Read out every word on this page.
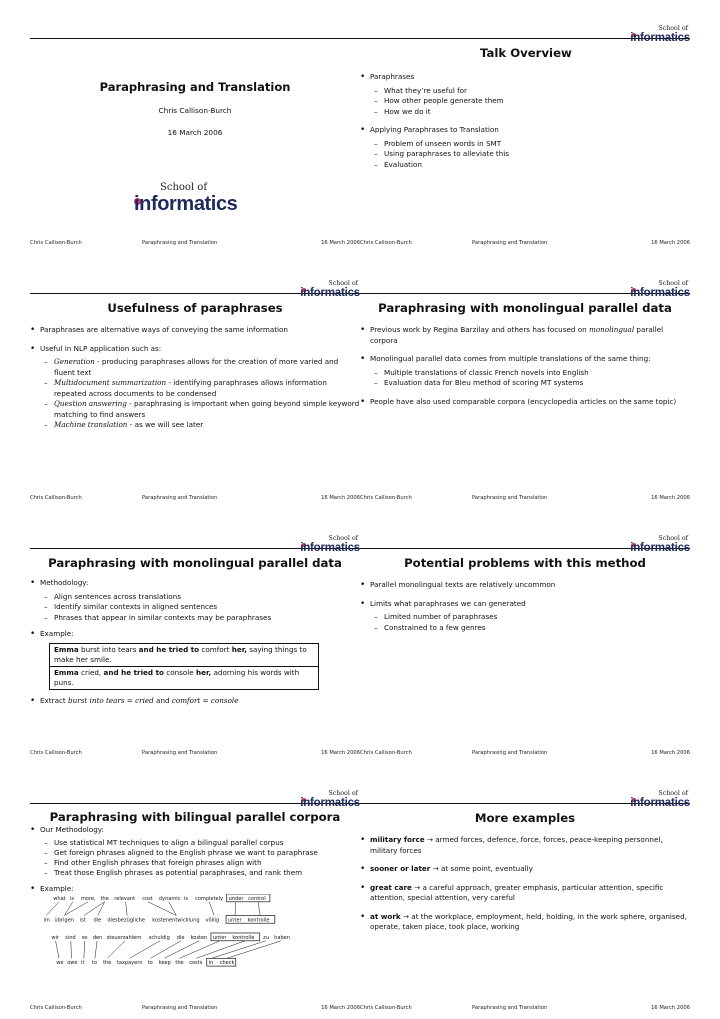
Paraphrasing and Translation
Chris Callison-Burch
16 March 2006
School of
informatics
Chris Callison-Burch	Paraphrasing and Translation	16 March 2006
School of
informatics
Talk Overview
• Paraphrases
– What they’re useful for
– How other people generate them
– How we do it
• Applying Paraphrases to Translation
– Problem of unseen words in SMT
– Using paraphrases to alleviate this
– Evaluation
Chris Callison-Burch	Paraphrasing and Translation	16 March 2006
School of
informatics
Usefulness of paraphrases
• Paraphrases are alternative ways of conveying the same information
• Useful in NLP application such as:
– Generation - producing paraphrases allows for the creation of more varied and fluent text
– Multidocument summarization - identifying paraphrases allows information repeated across documents to be condensed
– Question answering - paraphrasing is important when going beyond simple keyword matching to find answers
– Machine translation - as we will see later
Chris Callison-Burch	Paraphrasing and Translation	16 March 2006
School of
informatics
Paraphrasing with monolingual parallel data
• Previous work by Regina Barzilay and others has focused on monolingual parallel corpora
• Monolingual parallel data comes from multiple translations of the same thing:
– Multiple translations of classic French novels into English
– Evaluation data for Bleu method of scoring MT systems
• People have also used comparable corpora (encyclopedia articles on the same topic)
Chris Callison-Burch	Paraphrasing and Translation	16 March 2006
School of
informatics
Paraphrasing with monolingual parallel data
• Methodology:
– Align sentences across translations
– Identify similar contexts in aligned sentences
– Phrases that appear in similar contexts may be paraphrases
• Example:
Emma burst into tears and he tried to comfort her, saying things to make her smile.
Emma cried, and he tried to console her, adorning his words with puns.
• Extract burst into tears = cried and comfort = console
Chris Callison-Burch	Paraphrasing and Translation	16 March 2006
School of
informatics
Potential problems with this method
• Parallel monolingual texts are relatively uncommon
• Limits what paraphrases we can generated
– Limited number of paraphrases
– Constrained to a few genres
Chris Callison-Burch	Paraphrasing and Translation	16 March 2006
School of
informatics
Paraphrasing with bilingual parallel corpora
• Our Methodology:
– Use statistical MT techniques to align a bilingual parallel corpus
– Get foreign phrases aligned to the English phrase we want to paraphrase
– Find other English phrases that foreign phrases align with
– Treat those English phrases as potential paraphrases, and rank them
• Example:
what is more, the relevant cost dynamic is completely under control
im übrigen ist die diesbezügliche kostenentwicklung völlig unter kontrolle
wir sind es den steuerzahlern schuldig die kosten unter kontrolle zu haben
we owe it to the taxpayers to keep the costs in check
Chris Callison-Burch	Paraphrasing and Translation	16 March 2006
School of
informatics
More examples
• military force → armed forces, defence, force, forces, peace-keeping personnel, military forces
• sooner or later → at some point, eventually
• great care → a careful approach, greater emphasis, particular attention, specific attention, special attention, very careful
• at work → at the workplace, employment, held, holding, in the work sphere, organised, operate, taken place, took place, working
Chris Callison-Burch	Paraphrasing and Translation	16 March 2006
